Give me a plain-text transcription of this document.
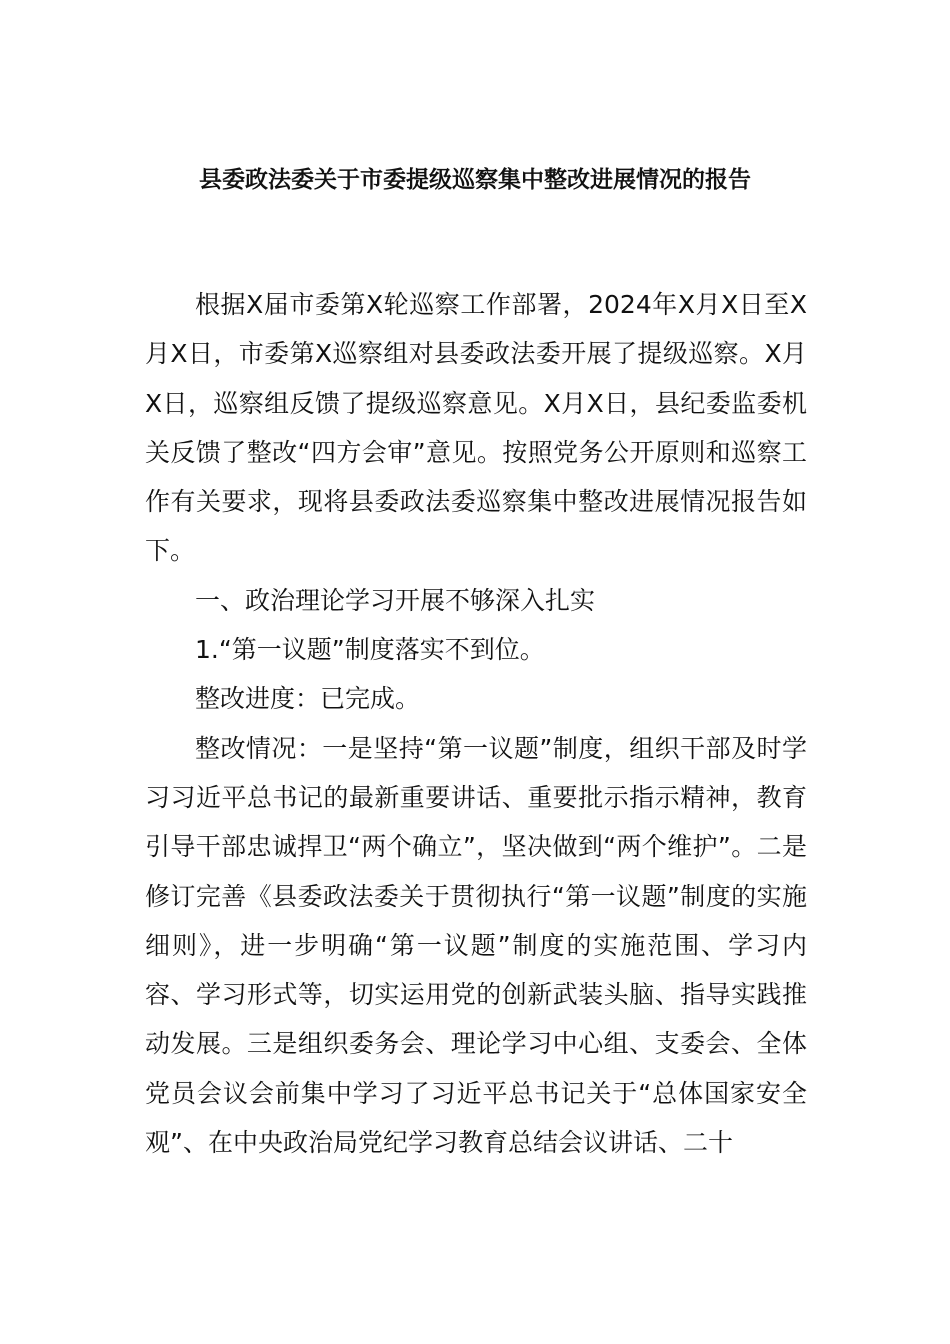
县委政法委关于市委提级巡察集中整改进展情况的报告

根据X届市委第X轮巡察工作部署，2024年X月X日至X月X日，市委第X巡察组对县委政法委开展了提级巡察。X月X日，巡察组反馈了提级巡察意见。X月X日，县纪委监委机关反馈了整改“四方会审”意见。按照党务公开原则和巡察工作有关要求，现将县委政法委巡察集中整改进展情况报告如下。

一、政治理论学习开展不够深入扎实

1.“第一议题”制度落实不到位。

整改进度：已完成。

整改情况：一是坚持“第一议题”制度，组织干部及时学习习近平总书记的最新重要讲话、重要批示指示精神，教育引导干部忠诚捍卫“两个确立”，坚决做到“两个维护”。二是修订完善《县委政法委关于贯彻执行“第一议题”制度的实施细则》，进一步明确“第一议题”制度的实施范围、学习内容、学习形式等，切实运用党的创新武装头脑、指导实践推动发展。三是组织委务会、理论学习中心组、支委会、全体党员会议会前集中学习了习近平总书记关于“总体国家安全观”、在中央政治局党纪学习教育总结会议讲话、二十
